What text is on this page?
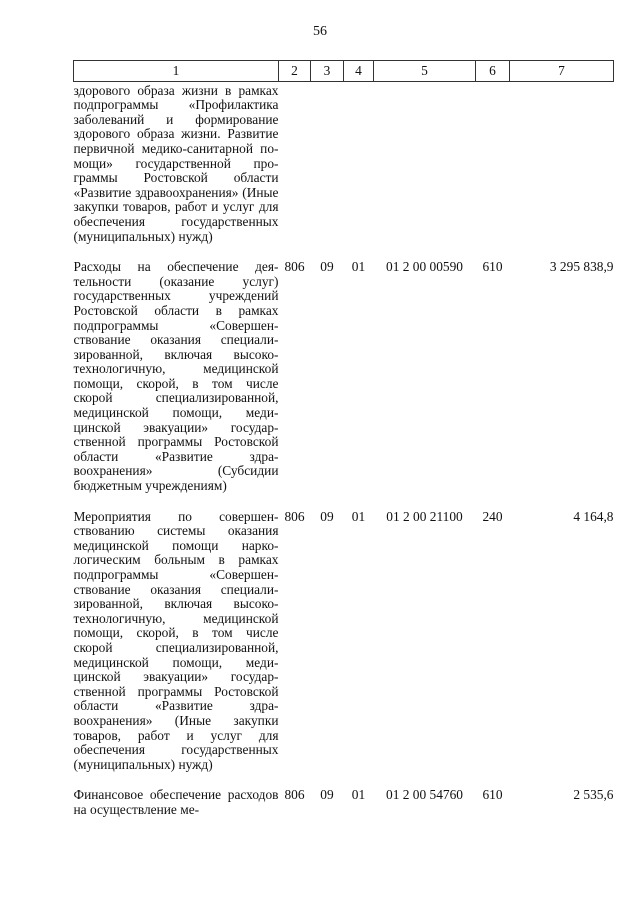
56
1	2	3	4	5	6	7
здорового образа жизни в рамках подпрограммы «Профилактика заболеваний и формирование здорового образа жизни. Развитие первичной медико-санитарной помощи» государственной программы Ростовской области «Развитие здравоохранения» (Иные закупки товаров, работ и услуг для обеспечения государственных (муниципальных) нужд)						
Расходы на обеспечение деятельности (оказание услуг) государственных учреждений Ростовской области в рамках подпрограммы «Совершенствование оказания специализированной, включая высокотехнологичную, медицинской помощи, скорой, в том числе скорой специализированной, медицинской помощи, медицинской эвакуации» государственной программы Ростовской области «Развитие здравоохранения» (Субсидии бюджетным учреждениям)	806	09	01	01 2 00 00590	610	3 295 838,9
Мероприятия по совершенствованию системы оказания медицинской помощи наркологическим больным в рамках подпрограммы «Совершенствование оказания специализированной, включая высокотехнологичную, медицинской помощи, скорой, в том числе скорой специализированной, медицинской помощи, медицинской эвакуации» государственной программы Ростовской области «Развитие здравоохранения» (Иные закупки товаров, работ и услуг для обеспечения государственных (муниципальных) нужд)	806	09	01	01 2 00 21100	240	4 164,8
Финансовое обеспечение расходов на осуществление ме-	806	09	01	01 2 00 54760	610	2 535,6
